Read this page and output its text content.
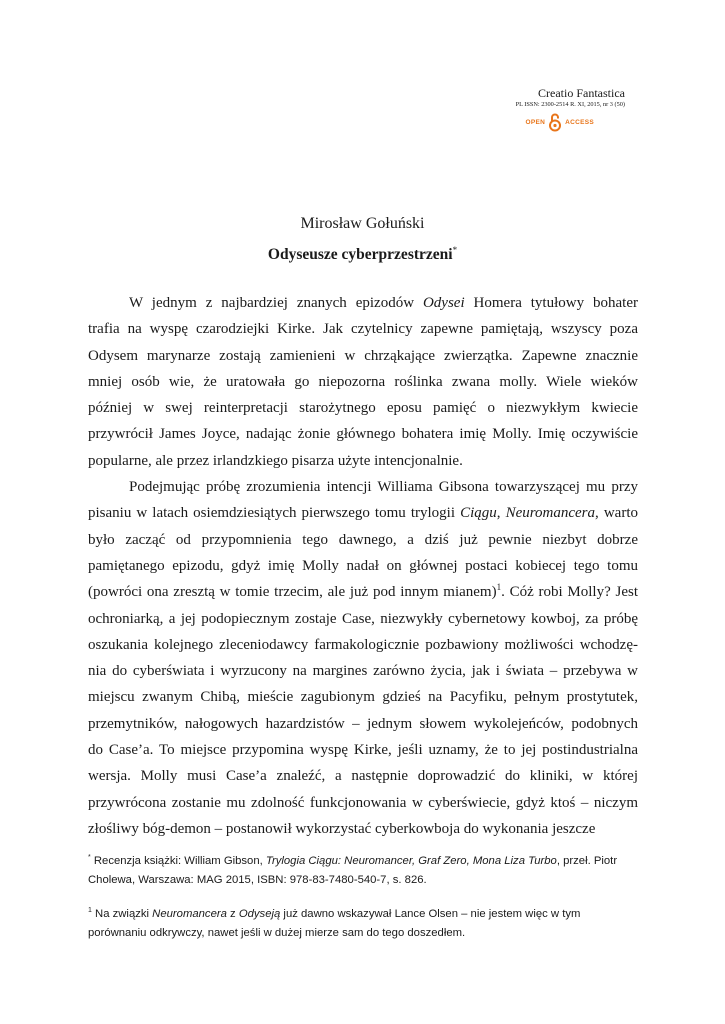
Creatio Fantastica
PL ISSN: 2300-2514 R. XI, 2015, nr 3 (50)
OPEN	ACCESS
Mirosław Gołuński
Odyseusze cyberprzestrzeni*
W jednym z najbardziej znanych epizodów Odysei Homera tytułowy bohater
trafia na wyspę czarodziejki Kirke. Jak czytelnicy zapewne pamiętają, wszyscy poza
Odysem marynarze zostają zamienieni w chrząkające zwierzątka. Zapewne znacznie
mniej osób wie, że uratowała go niepozorna roślinka zwana molly. Wiele wieków
później w swej reinterpretacji starożytnego eposu pamięć o niezwykłym kwiecie
przywrócił James Joyce, nadając żonie głównego bohatera imię Molly. Imię oczywiście
popularne, ale przez irlandzkiego pisarza użyte intencjonalnie.
Podejmując próbę zrozumienia intencji Williama Gibsona towarzyszącej mu przy
pisaniu w latach osiemdziesiątych pierwszego tomu trylogii Ciągu, Neuromancera, warto
było zacząć od przypomnienia tego dawnego, a dziś już pewnie niezbyt dobrze
pamiętanego epizodu, gdyż imię Molly nadał on głównej postaci kobiecej tego tomu
(powróci ona zresztą w tomie trzecim, ale już pod innym mianem)$^1$. Cóż robi Molly? Jest
ochroniarką, a jej podopiecznym zostaje Case, niezwykły cybernetowy kowboj, za próbę
oszukania kolejnego zleceniodawcy farmakologicznie pozbawiony możliwości wchodzę-
nia do cyberświata i wyrzucony na margines zarówno życia, jak i świata – przebywa w
miejscu zwanym Chibą, mieście zagubionym gdzieś na Pacyfiku, pełnym prostytutek,
przemytników, nałogowych hazardzistów – jednym słowem wykolejeńców, podobnych
do Case’a. To miejsce przypomina wyspę Kirke, jeśli uznamy, że to jej postindustrialna
wersja. Molly musi Case’a znaleźć, a następnie doprowadzić do kliniki, w której
przywrócona zostanie mu zdolność funkcjonowania w cyberświecie, gdyż ktoś – niczym
złośliwy bóg-demon – postanowił wykorzystać cyberkowboja do wykonania jeszcze
* Recenzja książki: William Gibson, Trylogia Ciągu: Neuromancer, Graf Zero, Mona Liza Turbo, przeł. Piotr
Cholewa, Warszawa: MAG 2015, ISBN: 978-83-7480-540-7, s. 826.
$^1$ Na związki Neuromancera z Odyseją już dawno wskazywał Lance Olsen – nie jestem więc w tym
porównaniu odkrywczy, nawet jeśli w dużej mierze sam do tego doszedłem.
